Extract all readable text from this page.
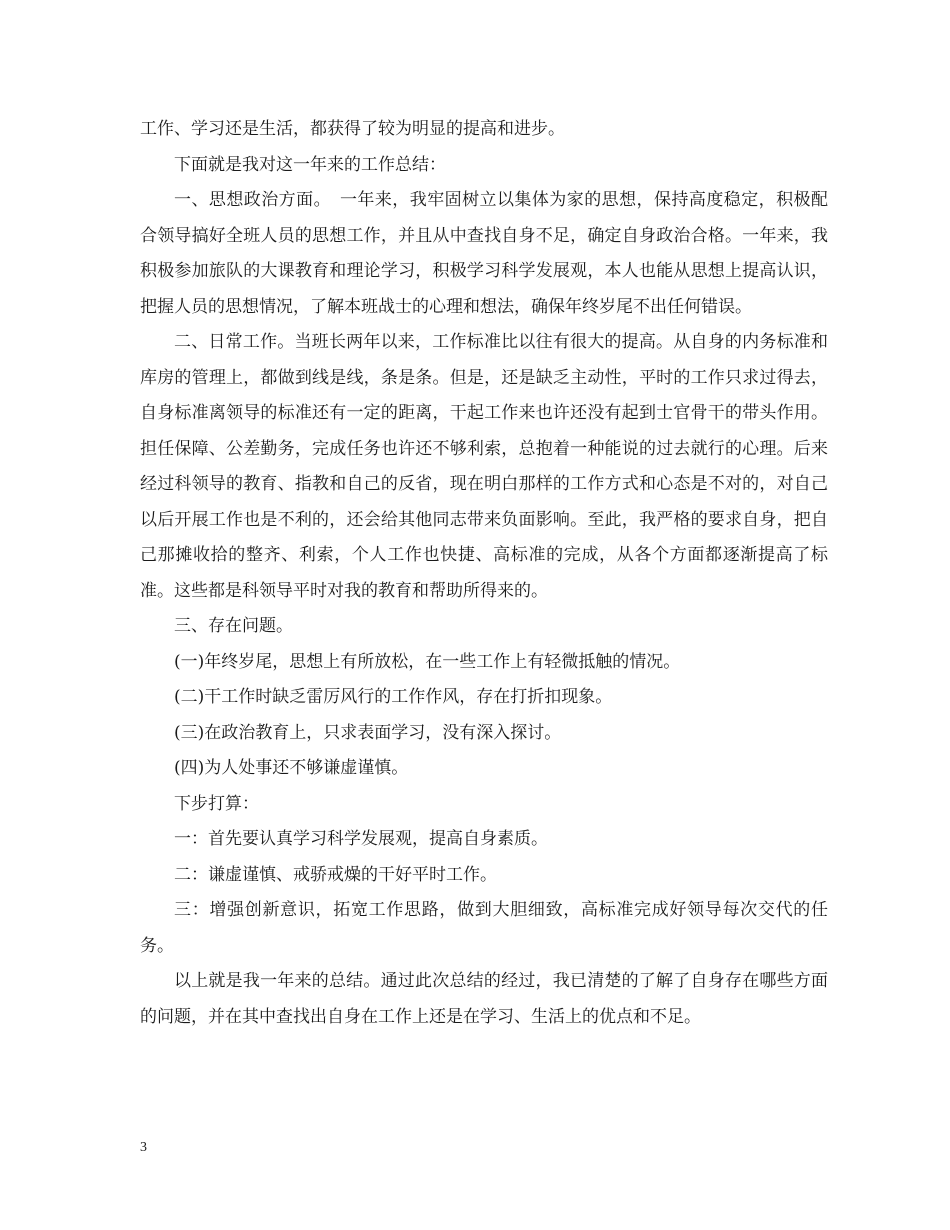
工作、学习还是生活，都获得了较为明显的提高和进步。

下面就是我对这一年来的工作总结：

一、思想政治方面。　一年来，我牢固树立以集体为家的思想，保持高度稳定，积极配合领导搞好全班人员的思想工作，并且从中查找自身不足，确定自身政治合格。一年来，我积极参加旅队的大课教育和理论学习，积极学习科学发展观，本人也能从思想上提高认识，把握人员的思想情况，了解本班战士的心理和想法，确保年终岁尾不出任何错误。

二、日常工作。当班长两年以来，工作标准比以往有很大的提高。从自身的内务标准和库房的管理上，都做到线是线，条是条。但是，还是缺乏主动性，平时的工作只求过得去，自身标准离领导的标准还有一定的距离，干起工作来也许还没有起到士官骨干的带头作用。担任保障、公差勤务，完成任务也许还不够利索，总抱着一种能说的过去就行的心理。后来经过科领导的教育、指教和自己的反省，现在明白那样的工作方式和心态是不对的，对自己以后开展工作也是不利的，还会给其他同志带来负面影响。至此，我严格的要求自身，把自己那摊收拾的整齐、利索，个人工作也快捷、高标准的完成，从各个方面都逐渐提高了标准。这些都是科领导平时对我的教育和帮助所得来的。

三、存在问题。

(一)年终岁尾，思想上有所放松，在一些工作上有轻微抵触的情况。

(二)干工作时缺乏雷厉风行的工作作风，存在打折扣现象。

(三)在政治教育上，只求表面学习，没有深入探讨。

(四)为人处事还不够谦虚谨慎。

下步打算：

一：首先要认真学习科学发展观，提高自身素质。

二：谦虚谨慎、戒骄戒燥的干好平时工作。

三：增强创新意识，拓宽工作思路，做到大胆细致，高标准完成好领导每次交代的任务。

以上就是我一年来的总结。通过此次总结的经过，我已清楚的了解了自身存在哪些方面的问题，并在其中查找出自身在工作上还是在学习、生活上的优点和不足。

3
